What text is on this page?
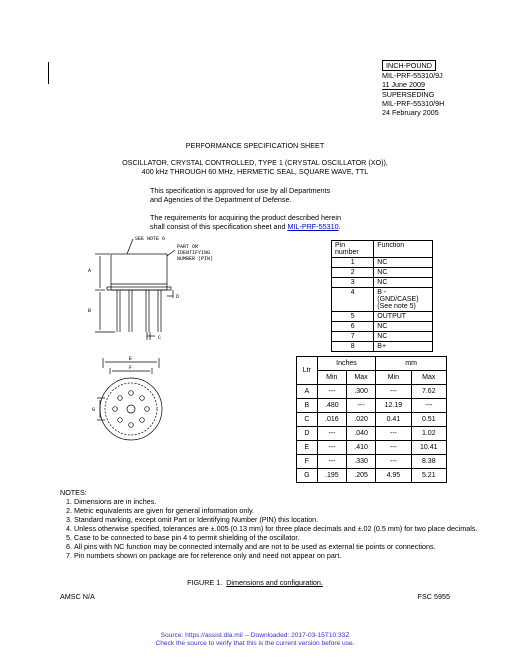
INCH-POUND
MIL-PRF-55310/9J
11 June 2009
SUPERSEDING
MIL-PRF-55310/9H
24 February 2005
PERFORMANCE SPECIFICATION SHEET
OSCILLATOR, CRYSTAL CONTROLLED, TYPE 1 (CRYSTAL OSCILLATOR (XO)),
400 kHz THROUGH 60 MHz, HERMETIC SEAL, SQUARE WAVE, TTL
This specification is approved for use by all Departments
and Agencies of the Department of Defense.
The requirements for acquiring the product described herein
shall consist of this specification sheet and MIL-PRF-55310.
SEE NOTE 6
PART OR
IDENTIFYING
NUMBER (PIN)
A
B
D
C
E
F
G
Pin number	Function
1	NC
2	NC
3	NC
4	B - (GND/CASE)
(See note 5)
5	OUTPUT
6	NC
7	NC
8	B+
Ltr	Inches		mm	
	Min	Max	Min	Max
A	---	.300	---	7.62
B	.480	---	12.19	---
C	.016	.020	0.41	0.51
D	---	.040	---	1.02
E	---	.410	---	10.41
F	---	.330	---	8.38
G	.195	.205	4.95	5.21
NOTES:
1. Dimensions are in inches.
2. Metric equivalents are given for general information only.
3. Standard marking, except omit Part or Identifying Number (PIN) this location.
4. Unless otherwise specified, tolerances are ±.005 (0.13 mm) for three place decimals and ±.02 (0.5 mm) for two place decimals.
5. Case to be connected to base pin 4 to permit shielding of the oscillator.
6. All pins with NC function may be connected internally and are not to be used as external tie points or connections.
7. Pin numbers shown on package are for reference only and need not appear on part.
FIGURE 1. Dimensions and configuration.
AMSC N/A	FSC 5955
Source: https://assist.dla.mil -- Downloaded: 2017-03-15T10:33Z
Check the source to verify that this is the current version before use.
